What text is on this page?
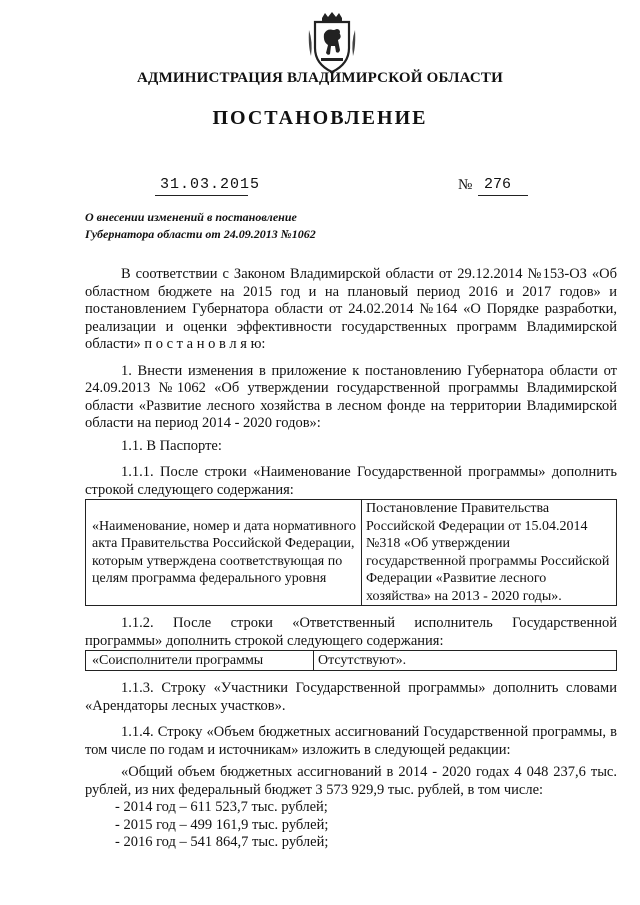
АДМИНИСТРАЦИЯ ВЛАДИМИРСКОЙ ОБЛАСТИ
ПОСТАНОВЛЕНИЕ
31.03.2015	№ 276
О внесении изменений в постановление
Губернатора области от 24.09.2013 №1062

В соответствии с Законом Владимирской области от 29.12.2014 №153-ОЗ «Об областном бюджете на 2015 год и на плановый период 2016 и 2017 годов» и постановлением Губернатора области от 24.02.2014 №164 «О Порядке разработки, реализации и оценки эффективности государственных программ Владимирской области» п о с т а н о в л я ю:

1. Внести изменения в приложение к постановлению Губернатора области от 24.09.2013 №1062 «Об утверждении государственной программы Владимирской области «Развитие лесного хозяйства в лесном фонде на территории Владимирской области на период 2014 - 2020 годов»:

1.1. В Паспорте:

1.1.1. После строки «Наименование Государственной программы» дополнить строкой следующего содержания:

«Наименование, номер и дата нормативного акта Правительства Российской Федерации, которым утверждена соответствующая по целям программа федерального уровня	Постановление Правительства Российской Федерации от 15.04.2014 №318 «Об утверждении государственной программы Российской Федерации «Развитие лесного хозяйства» на 2013 - 2020 годы».

1.1.2. После строки «Ответственный исполнитель Государственной программы» дополнить строкой следующего содержания:

«Соисполнители программы	Отсутствуют».

1.1.3. Строку «Участники Государственной программы» дополнить словами «Арендаторы лесных участков».

1.1.4. Строку «Объем бюджетных ассигнований Государственной программы, в том числе по годам и источникам» изложить в следующей редакции:

«Общий объем бюджетных ассигнований в 2014 - 2020 годах 4 048 237,6 тыс. рублей, из них федеральный бюджет 3 573 929,9 тыс. рублей, в том числе:

- 2014 год – 611 523,7 тыс. рублей;
- 2015 год – 499 161,9 тыс. рублей;
- 2016 год – 541 864,7 тыс. рублей;
